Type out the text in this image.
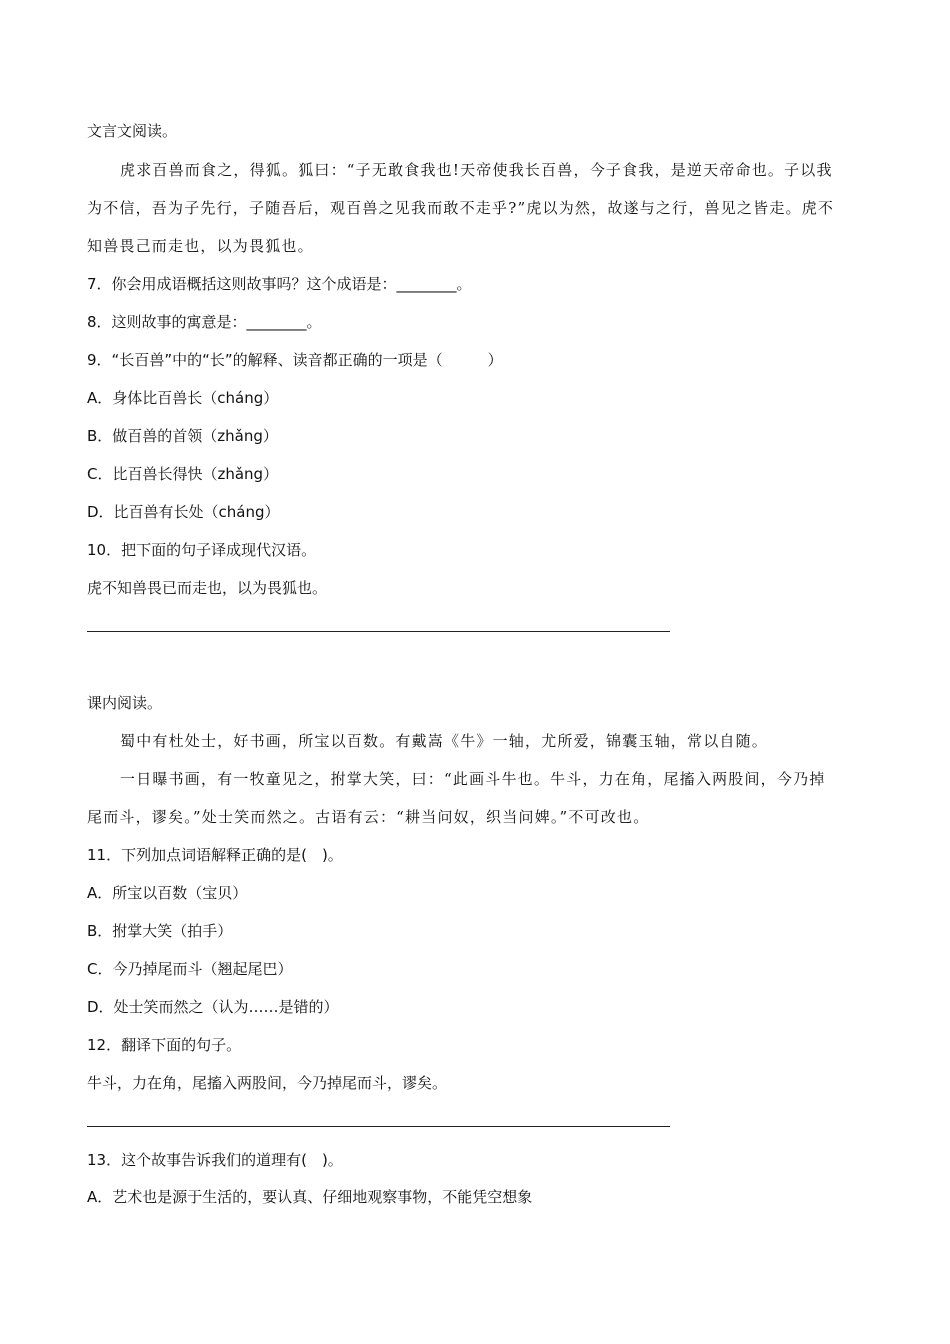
文言文阅读。
虎求百兽而食之，得狐。狐曰：“子无敢食我也!天帝使我长百兽，今子食我，是逆天帝命也。子以我
为不信，吾为子先行，子随吾后，观百兽之见我而敢不走乎?”虎以为然，故遂与之行，兽见之皆走。虎不
知兽畏己而走也，以为畏狐也。
7．你会用成语概括这则故事吗？这个成语是：________。
8．这则故事的寓意是：________。
9．“长百兽”中的“长”的解释、读音都正确的一项是（　　　）
A．身体比百兽长（cháng）
B．做百兽的首领（zhǎng）
C．比百兽长得快（zhǎng）
D．比百兽有长处（cháng）
10．把下面的句子译成现代汉语。
虎不知兽畏已而走也，以为畏狐也。
课内阅读。
蜀中有杜处士，好书画，所宝以百数。有戴嵩《牛》一轴，尤所爱，锦囊玉轴，常以自随。
一日曝书画，有一牧童见之，拊掌大笑，曰：“此画斗牛也。牛斗，力在角，尾搐入两股间，今乃掉
尾而斗，谬矣。”处士笑而然之。古语有云：“耕当问奴，织当问婢。”不可改也。
11．下列加点词语解释正确的是(　)。
A．所宝以百数（宝贝）
B．拊掌大笑（拍手）
C．今乃掉尾而斗（翘起尾巴）
D．处士笑而然之（认为……是错的）
12．翻译下面的句子。
牛斗，力在角，尾搐入两股间，今乃掉尾而斗，谬矣。
13．这个故事告诉我们的道理有(　)。
A．艺术也是源于生活的，要认真、仔细地观察事物，不能凭空想象
